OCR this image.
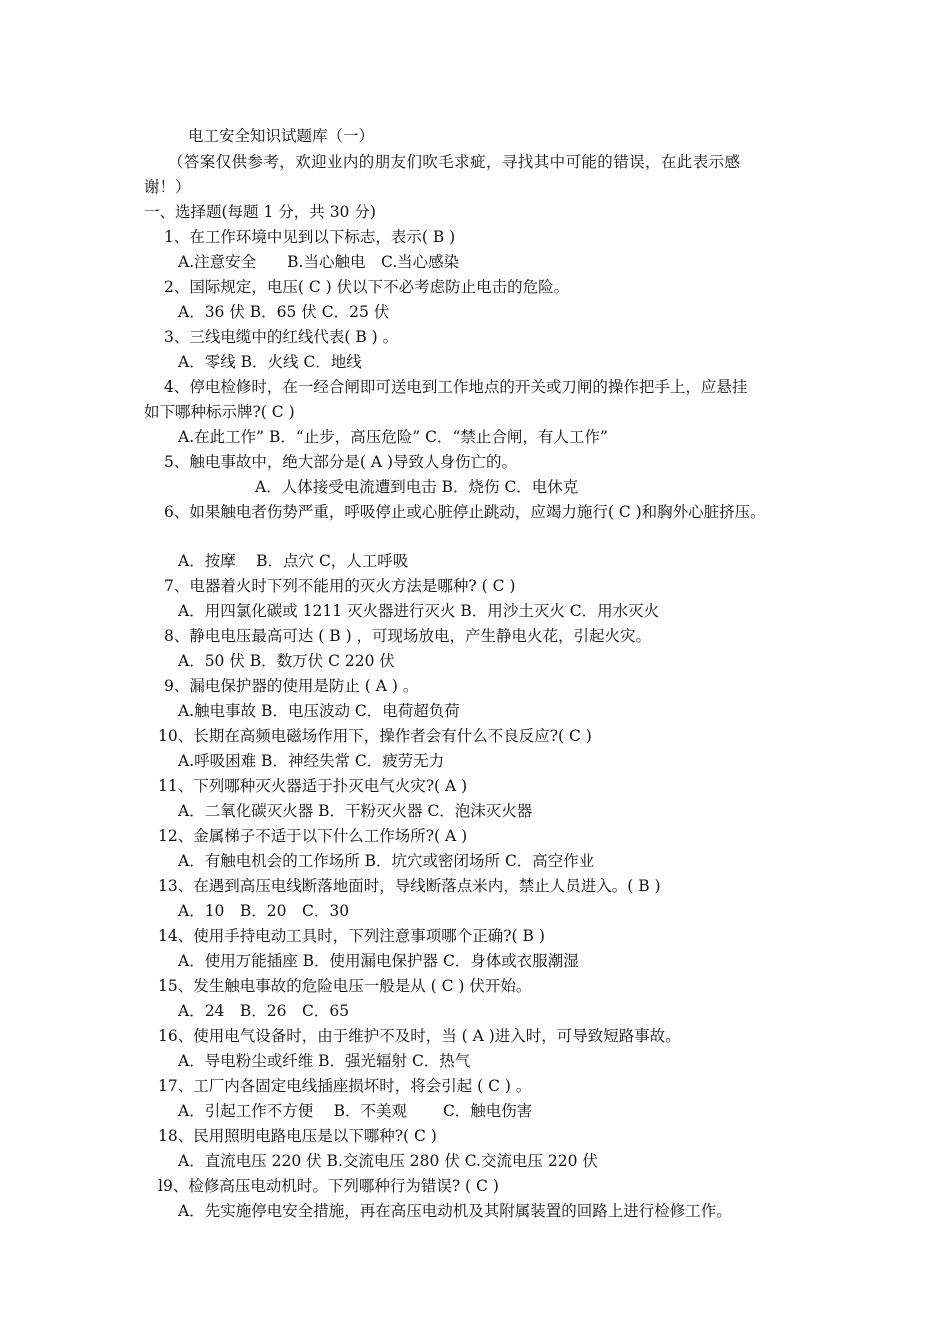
电工安全知识试题库（一）
（答案仅供参考，欢迎业内的朋友们吹毛求疵，寻找其中可能的错误，在此表示感
谢！）
一、选择题(每题 1 分，共 30 分)
1、在工作环境中见到以下标志，表示( B )
A.注意安全　　B.当心触电　C.当心感染
2、国际规定，电压( C ) 伏以下不必考虑防止电击的危险。
A．36 伏 B．65 伏 C．25 伏
3、三线电缆中的红线代表( B ) 。
A．零线 B．火线 C．地线
4、停电检修时，在一经合闸即可送电到工作地点的开关或刀闸的操作把手上，应悬挂
如下哪种标示牌?( C )
A.在此工作” B．“止步，高压危险” C．“禁止合闸，有人工作”
5、触电事故中，绝大部分是( A )导致人身伤亡的。
A．人体接受电流遭到电击 B．烧伤 C．电休克
6、如果触电者伤势严重，呼吸停止或心脏停止跳动，应竭力施行( C )和胸外心脏挤压。
A．按摩　 B．点穴 C，人工呼吸
7、电器着火时下列不能用的灭火方法是哪种? ( C )
A．用四氯化碳或 1211 灭火器进行灭火 B．用沙土灭火 C．用水灭火
8、静电电压最高可达 ( B ) ，可现场放电，产生静电火花，引起火灾。
A．50 伏 B．数万伏 C 220 伏
9、漏电保护器的使用是防止 ( A ) 。
A.触电事故 B．电压波动 C．电荷超负荷
10、长期在高频电磁场作用下，操作者会有什么不良反应?( C )
A.呼吸困难 B．神经失常 C．疲劳无力
11、下列哪种灭火器适于扑灭电气火灾?( A )
A．二氧化碳灭火器 B．干粉灭火器 C．泡沫灭火器
12、金属梯子不适于以下什么工作场所?( A )
A．有触电机会的工作场所 B．坑穴或密闭场所 C．高空作业
13、在遇到高压电线断落地面时，导线断落点米内，禁止人员进入。( B )
A．10　B．20　C．30
14、使用手持电动工具时，下列注意事项哪个正确?( B )
A．使用万能插座 B．使用漏电保护器 C．身体或衣服潮湿
15、发生触电事故的危险电压一般是从 ( C ) 伏开始。
A．24　B．26　C．65
16、使用电气设备时，由于维护不及时，当 ( A )进入时，可导致短路事故。
A．导电粉尘或纤维 B．强光辐射 C．热气
17、工厂内各固定电线插座损坏时，将会引起 ( C ) 。
A．引起工作不方便　 B．不美观　　 C．触电伤害
18、民用照明电路电压是以下哪种?( C )
A．直流电压 220 伏 B.交流电压 280 伏 C.交流电压 220 伏
l9、检修高压电动机时。下列哪种行为错误? ( C )
A．先实施停电安全措施，再在高压电动机及其附属装置的回路上进行检修工作。
